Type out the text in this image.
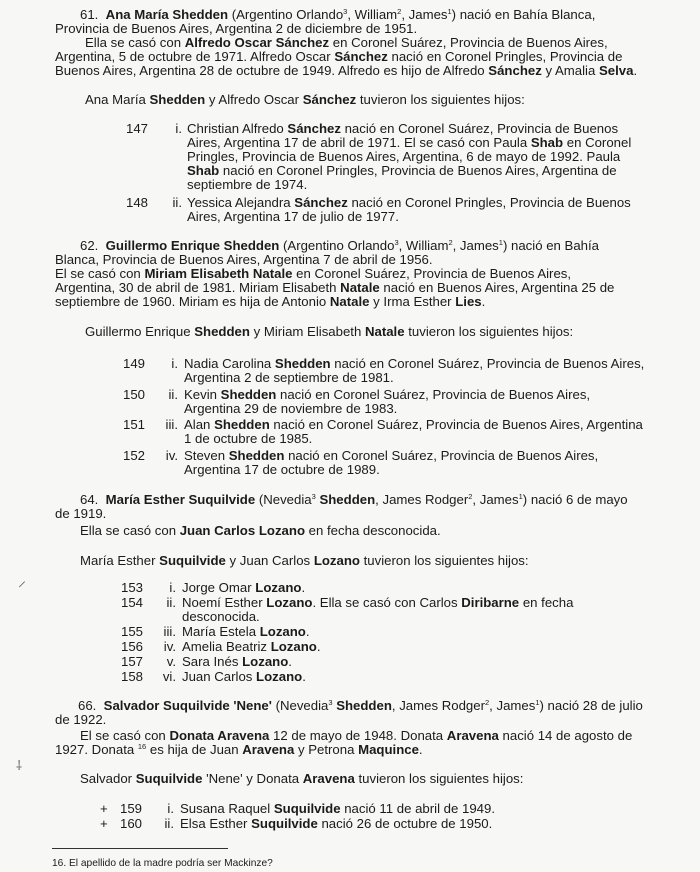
61. Ana María Shedden (Argentino Orlando$^3$, William$^2$, James$^1$) nació en Bahía Blanca,
Provincia de Buenos Aires, Argentina 2 de diciembre de 1951.
Ella se casó con Alfredo Oscar Sánchez en Coronel Suárez, Provincia de Buenos Aires,
Argentina, 5 de octubre de 1971. Alfredo Oscar Sánchez nació en Coronel Pringles, Provincia de
Buenos Aires, Argentina 28 de octubre de 1949. Alfredo es hijo de Alfredo Sánchez y Amalia Selva.
Ana María Shedden y Alfredo Oscar Sánchez tuvieron los siguientes hijos:
147	i. Christian Alfredo Sánchez nació en Coronel Suárez, Provincia de Buenos
Aires, Argentina 17 de abril de 1971. El se casó con Paula Shab en Coronel
Pringles, Provincia de Buenos Aires, Argentina, 6 de mayo de 1992. Paula
Shab nació en Coronel Pringles, Provincia de Buenos Aires, Argentina de
septiembre de 1974.
148	ii. Yessica Alejandra Sánchez nació en Coronel Pringles, Provincia de Buenos
Aires, Argentina 17 de julio de 1977.
62. Guillermo Enrique Shedden (Argentino Orlando$^3$, William$^2$, James$^1$) nació en Bahía
Blanca, Provincia de Buenos Aires, Argentina 7 de abril de 1956.
El se casó con Miriam Elisabeth Natale en Coronel Suárez, Provincia de Buenos Aires,
Argentina, 30 de abril de 1981. Miriam Elisabeth Natale nació en Buenos Aires, Argentina 25 de
septiembre de 1960. Miriam es hija de Antonio Natale y Irma Esther Lies.
Guillermo Enrique Shedden y Miriam Elisabeth Natale tuvieron los siguientes hijos:
149	i. Nadia Carolina Shedden nació en Coronel Suárez, Provincia de Buenos Aires,
Argentina 2 de septiembre de 1981.
150	ii. Kevin Shedden nació en Coronel Suárez, Provincia de Buenos Aires,
Argentina 29 de noviembre de 1983.
151	iii. Alan Shedden nació en Coronel Suárez, Provincia de Buenos Aires, Argentina
1 de octubre de 1985.
152	iv. Steven Shedden nació en Coronel Suárez, Provincia de Buenos Aires,
Argentina 17 de octubre de 1989.
64. María Esther Suquilvide (Nevedia$^3$ Shedden, James Rodger$^2$, James$^1$) nació 6 de mayo
de 1919.
Ella se casó con Juan Carlos Lozano en fecha desconocida.
María Esther Suquilvide y Juan Carlos Lozano tuvieron los siguientes hijos:
153	i. Jorge Omar Lozano.
154	ii. Noemí Esther Lozano. Ella se casó con Carlos Diribarne en fecha
desconocida.
155	iii. María Estela Lozano.
156	iv. Amelia Beatriz Lozano.
157	v. Sara Inés Lozano.
158	vi. Juan Carlos Lozano.
66. Salvador Suquilvide 'Nene' (Nevedia$^3$ Shedden, James Rodger$^2$, James$^1$) nació 28 de julio
de 1922.
El se casó con Donata Aravena 12 de mayo de 1948. Donata Aravena nació 14 de agosto de
1927. Donata $^{16}$ es hija de Juan Aravena y Petrona Maquince.
Salvador Suquilvide 'Nene' y Donata Aravena tuvieron los siguientes hijos:
+ 159	i. Susana Raquel Suquilvide nació 11 de abril de 1949.
+ 160	ii. Elsa Esther Suquilvide nació 26 de octubre de 1950.
⸝
⸸
16. El apellido de la madre podría ser Mackinze?
